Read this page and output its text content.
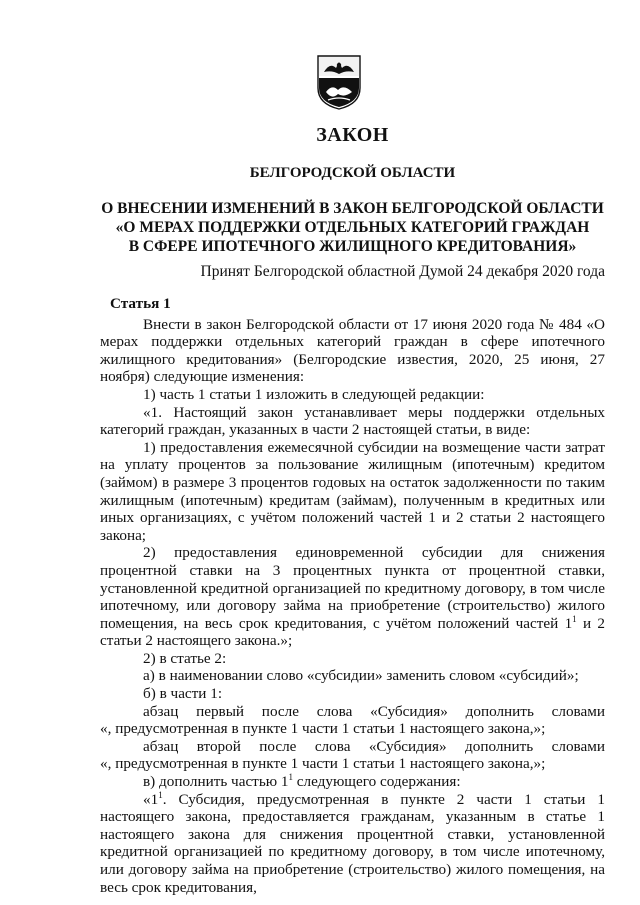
ЗАКОН
БЕЛГОРОДСКОЙ ОБЛАСТИ
О ВНЕСЕНИИ ИЗМЕНЕНИЙ В ЗАКОН БЕЛГОРОДСКОЙ ОБЛАСТИ
«О МЕРАХ ПОДДЕРЖКИ ОТДЕЛЬНЫХ КАТЕГОРИЙ ГРАЖДАН
В СФЕРЕ ИПОТЕЧНОГО ЖИЛИЩНОГО КРЕДИТОВАНИЯ»
Принят Белгородской областной Думой 24 декабря 2020 года

Статья 1

Внести в закон Белгородской области от 17 июня 2020 года № 484 «О мерах поддержки отдельных категорий граждан в сфере ипотечного жилищного кредитования» (Белгородские известия, 2020, 25 июня, 27 ноября) следующие изменения:

1) часть 1 статьи 1 изложить в следующей редакции:

«1. Настоящий закон устанавливает меры поддержки отдельных категорий граждан, указанных в части 2 настоящей статьи, в виде:

1) предоставления ежемесячной субсидии на возмещение части затрат на уплату процентов за пользование жилищным (ипотечным) кредитом (займом) в размере 3 процентов годовых на остаток задолженности по таким жилищным (ипотечным) кредитам (займам), полученным в кредитных или иных организациях, с учётом положений частей 1 и 2 статьи 2 настоящего закона;

2) предоставления единовременной субсидии для снижения процентной ставки на 3 процентных пункта от процентной ставки, установленной кредитной организацией по кредитному договору, в том числе ипотечному, или договору займа на приобретение (строительство) жилого помещения, на весь срок кредитования, с учётом положений частей $1^1$ и 2 статьи 2 настоящего закона.»;

2) в статье 2:

а) в наименовании слово «субсидии» заменить словом «субсидий»;

б) в части 1:

абзац первый после слова «Субсидия» дополнить словами

«, предусмотренная в пункте 1 части 1 статьи 1 настоящего закона,»;

абзац второй после слова «Субсидия» дополнить словами

«, предусмотренная в пункте 1 части 1 статьи 1 настоящего закона,»;

в) дополнить частью $1^1$ следующего содержания:

«$1^1$. Субсидия, предусмотренная в пункте 2 части 1 статьи 1 настоящего закона, предоставляется гражданам, указанным в статье 1 настоящего закона для снижения процентной ставки, установленной кредитной организацией по кредитному договору, в том числе ипотечному, или договору займа на приобретение (строительство) жилого помещения, на весь срок кредитования,
